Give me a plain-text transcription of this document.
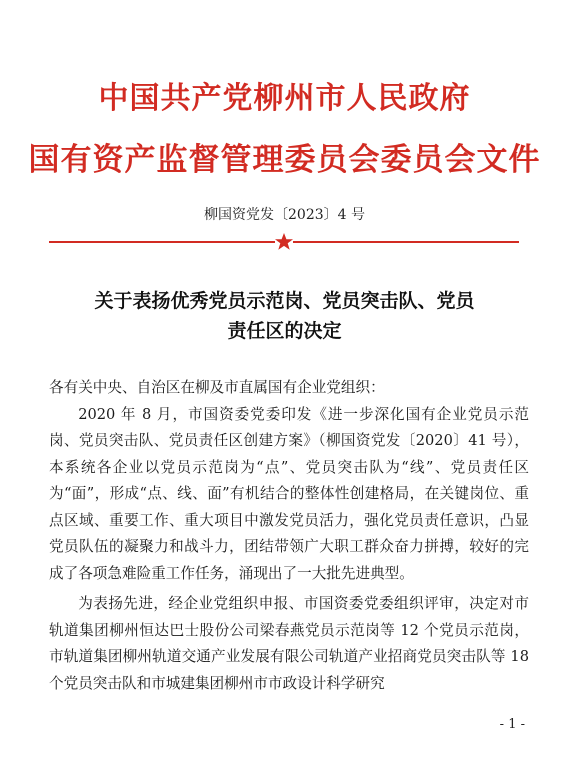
中国共产党柳州市人民政府
国有资产监督管理委员会委员会文件
柳国资党发〔2023〕4 号
关于表扬优秀党员示范岗、党员突击队、党员
责任区的决定

各有关中央、自治区在柳及市直属国有企业党组织：

2020 年 8 月，市国资委党委印发《进一步深化国有企业党员示范岗、党员突击队、党员责任区创建方案》（柳国资党发〔2020〕41 号），本系统各企业以党员示范岗为“点”、党员突击队为“线”、党员责任区为“面”，形成“点、线、面”有机结合的整体性创建格局，在关键岗位、重点区域、重要工作、重大项目中激发党员活力，强化党员责任意识，凸显党员队伍的凝聚力和战斗力，团结带领广大职工群众奋力拼搏，较好的完成了各项急难险重工作任务，涌现出了一大批先进典型。

为表扬先进，经企业党组织申报、市国资委党委组织评审，决定对市轨道集团柳州恒达巴士股份公司梁春燕党员示范岗等 12 个党员示范岗，市轨道集团柳州轨道交通产业发展有限公司轨道产业招商党员突击队等 18 个党员突击队和市城建集团柳州市市政设计科学研究

- 1 -
